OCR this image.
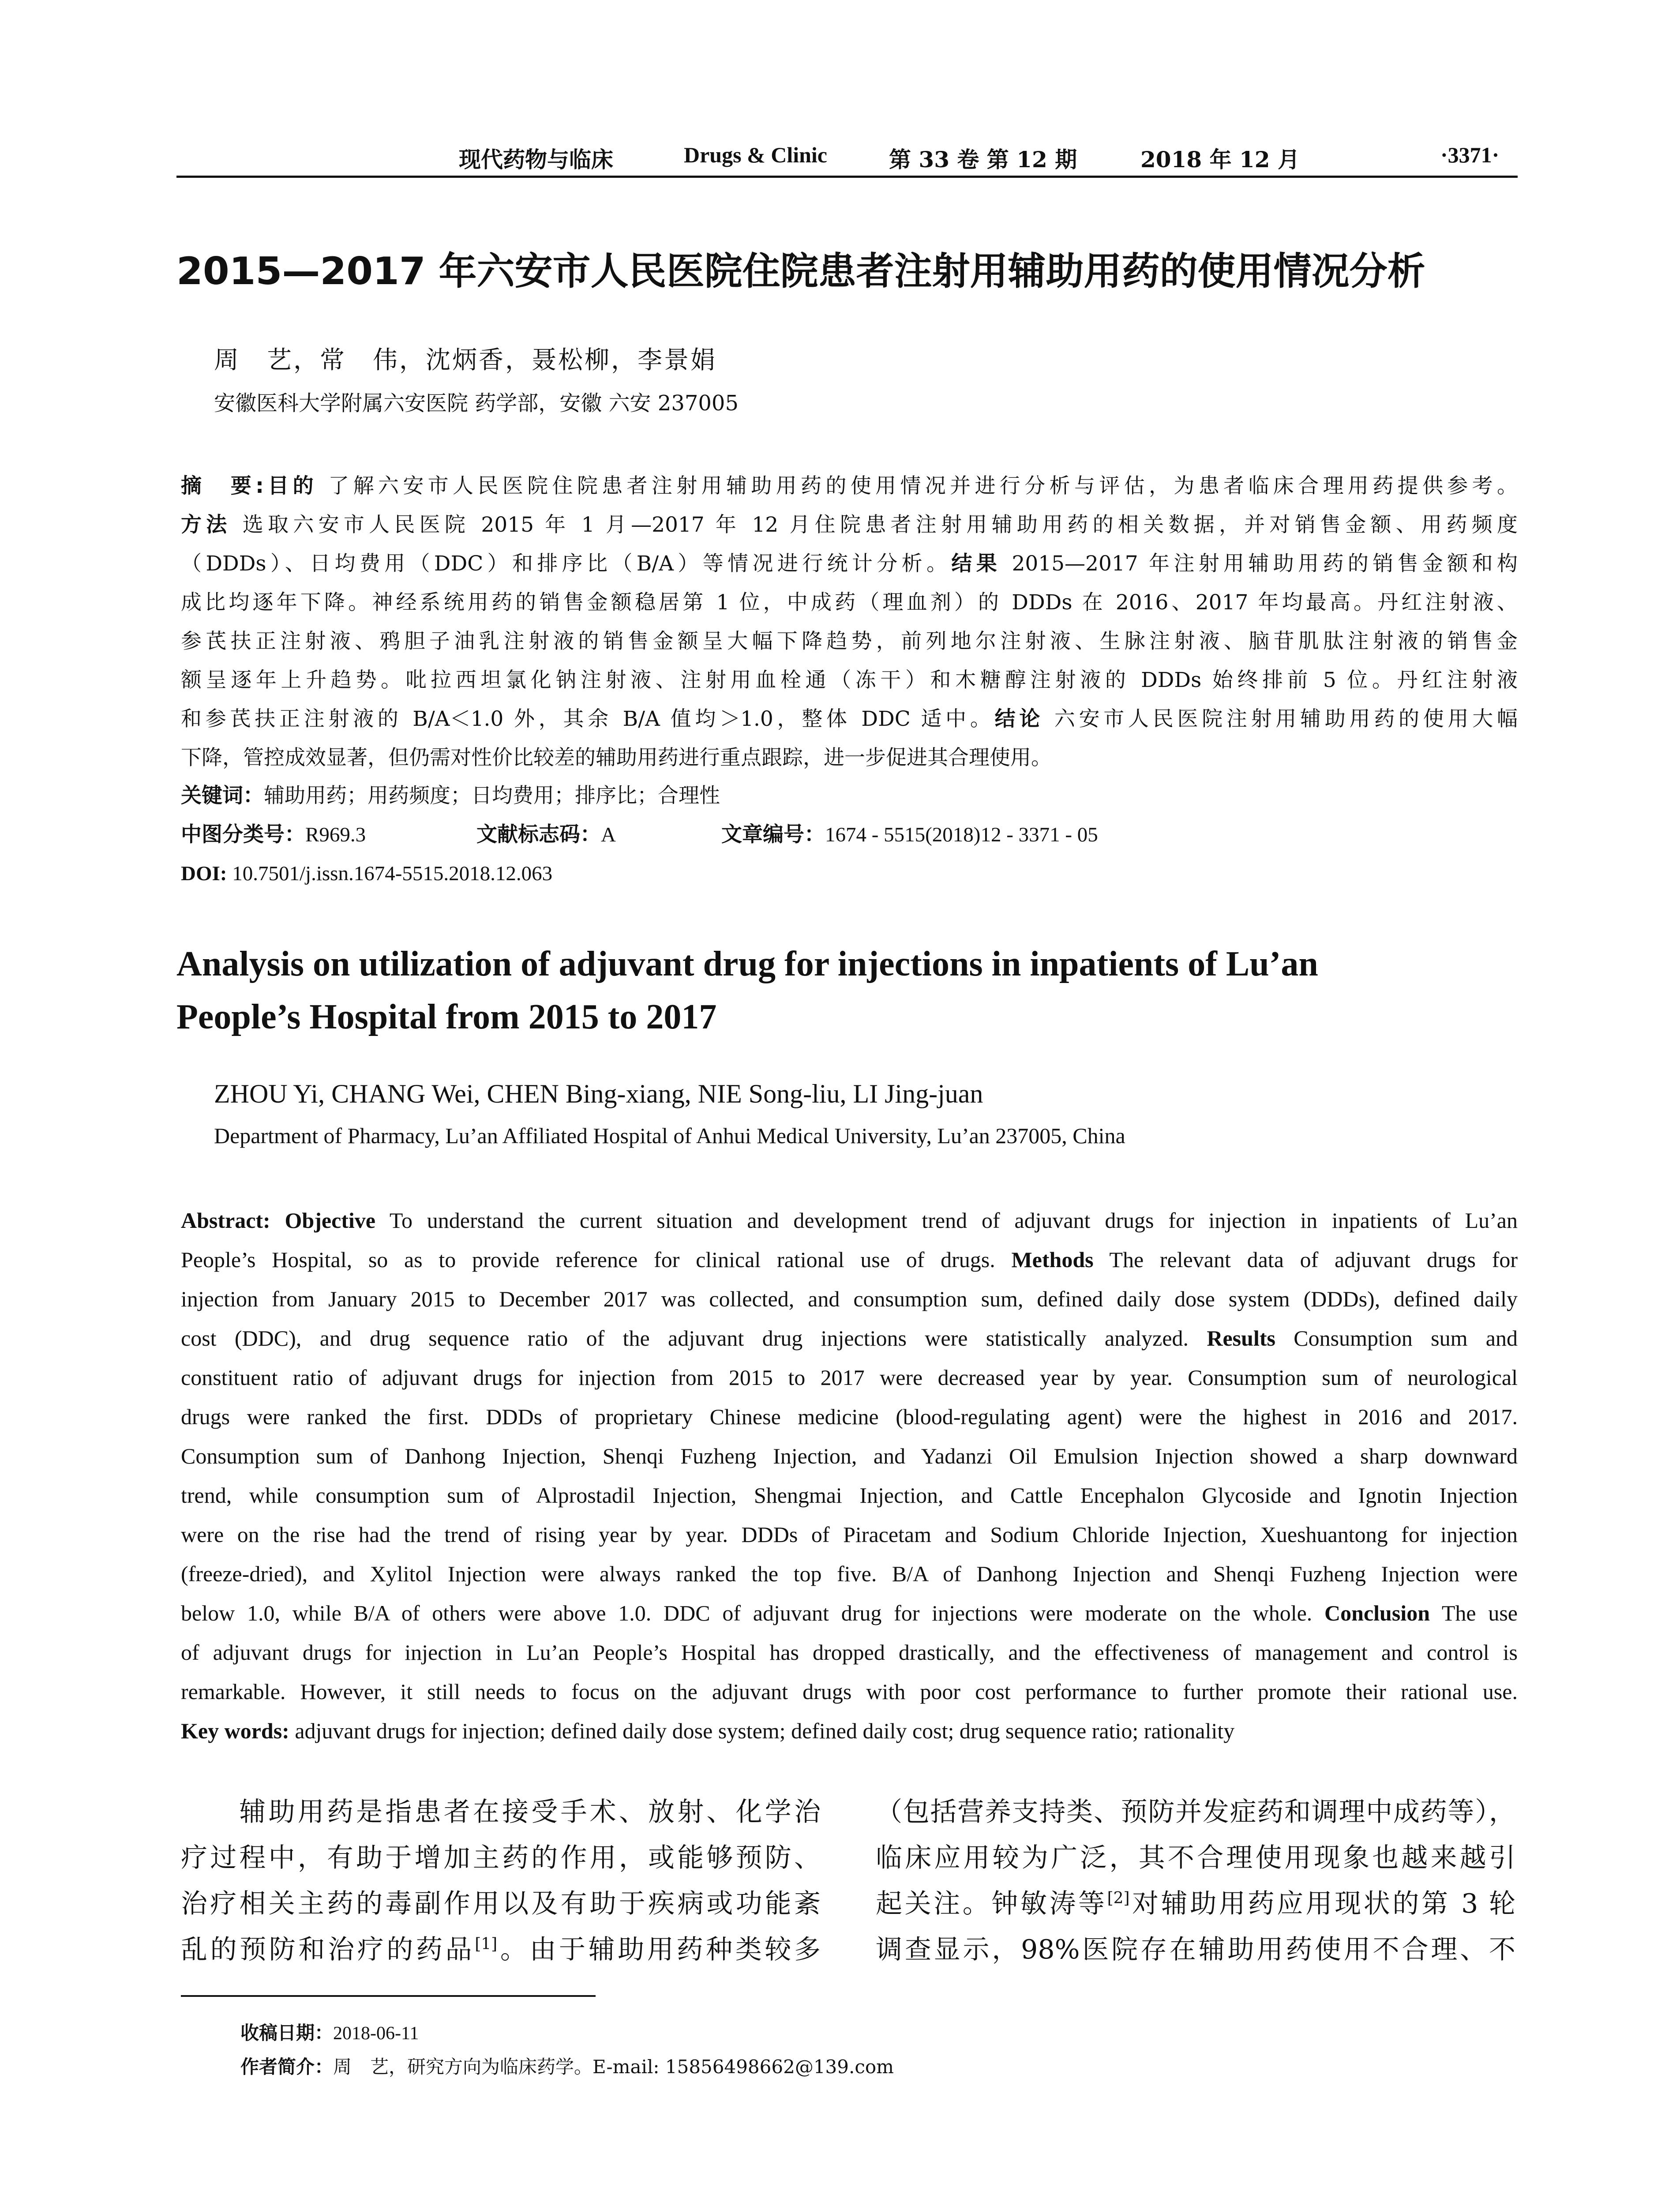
现代药物与临床	Drugs & Clinic	第 33 卷 第 12 期	2018 年 12 月	·3371·
2015—2017 年六安市人民医院住院患者注射用辅助用药的使用情况分析
周　艺，常　伟，沈炳香，聂松柳，李景娟
安徽医科大学附属六安医院 药学部，安徽 六安 237005
摘　要:目的 了解六安市人民医院住院患者注射用辅助用药的使用情况并进行分析与评估，为患者临床合理用药提供参考。
方法 选取六安市人民医院 2015 年 1 月—2017 年 12 月住院患者注射用辅助用药的相关数据，并对销售金额、用药频度
（DDDs）、日均费用（DDC）和排序比（B/A）等情况进行统计分析。结果 2015—2017 年注射用辅助用药的销售金额和构
成比均逐年下降。神经系统用药的销售金额稳居第 1 位，中成药（理血剂）的 DDDs 在 2016、2017 年均最高。丹红注射液、
参芪扶正注射液、鸦胆子油乳注射液的销售金额呈大幅下降趋势，前列地尔注射液、生脉注射液、脑苷肌肽注射液的销售金
额呈逐年上升趋势。吡拉西坦氯化钠注射液、注射用血栓通（冻干）和木糖醇注射液的 DDDs 始终排前 5 位。丹红注射液
和参芪扶正注射液的 B/A＜1.0 外，其余 B/A 值均＞1.0，整体 DDC 适中。结论 六安市人民医院注射用辅助用药的使用大幅
下降，管控成效显著，但仍需对性价比较差的辅助用药进行重点跟踪，进一步促进其合理使用。
关键词：辅助用药；用药频度；日均费用；排序比；合理性
中图分类号：R969.3	文献标志码：A	文章编号：1674 - 5515(2018)12 - 3371 - 05
DOI: 10.7501/j.issn.1674-5515.2018.12.063
Analysis on utilization of adjuvant drug for injections in inpatients of Lu’an
People’s Hospital from 2015 to 2017
ZHOU Yi, CHANG Wei, CHEN Bing-xiang, NIE Song-liu, LI Jing-juan
Department of Pharmacy, Lu’an Affiliated Hospital of Anhui Medical University, Lu’an 237005, China
Abstract: Objective To understand the current situation and development trend of adjuvant drugs for injection in inpatients of Lu’an
People’s Hospital, so as to provide reference for clinical rational use of drugs. Methods The relevant data of adjuvant drugs for
injection from January 2015 to December 2017 was collected, and consumption sum, defined daily dose system (DDDs), defined daily
cost (DDC), and drug sequence ratio of the adjuvant drug injections were statistically analyzed. Results Consumption sum and
constituent ratio of adjuvant drugs for injection from 2015 to 2017 were decreased year by year. Consumption sum of neurological
drugs were ranked the first. DDDs of proprietary Chinese medicine (blood-regulating agent) were the highest in 2016 and 2017.
Consumption sum of Danhong Injection, Shenqi Fuzheng Injection, and Yadanzi Oil Emulsion Injection showed a sharp downward
trend, while consumption sum of Alprostadil Injection, Shengmai Injection, and Cattle Encephalon Glycoside and Ignotin Injection
were on the rise had the trend of rising year by year. DDDs of Piracetam and Sodium Chloride Injection, Xueshuantong for injection
(freeze-dried), and Xylitol Injection were always ranked the top five. B/A of Danhong Injection and Shenqi Fuzheng Injection were
below 1.0, while B/A of others were above 1.0. DDC of adjuvant drug for injections were moderate on the whole. Conclusion The use
of adjuvant drugs for injection in Lu’an People’s Hospital has dropped drastically, and the effectiveness of management and control is
remarkable. However, it still needs to focus on the adjuvant drugs with poor cost performance to further promote their rational use.
Key words: adjuvant drugs for injection; defined daily dose system; defined daily cost; drug sequence ratio; rationality
　　辅助用药是指患者在接受手术、放射、化学治
疗过程中，有助于增加主药的作用，或能够预防、
治疗相关主药的毒副作用以及有助于疾病或功能紊
乱的预防和治疗的药品[1]。由于辅助用药种类较多
（包括营养支持类、预防并发症药和调理中成药等），
临床应用较为广泛，其不合理使用现象也越来越引
起关注。钟敏涛等[2]对辅助用药应用现状的第 3 轮
调查显示，98%医院存在辅助用药使用不合理、不
收稿日期：2018-06-11
作者简介：周　艺，研究方向为临床药学。E-mail: 15856498662@139.com
